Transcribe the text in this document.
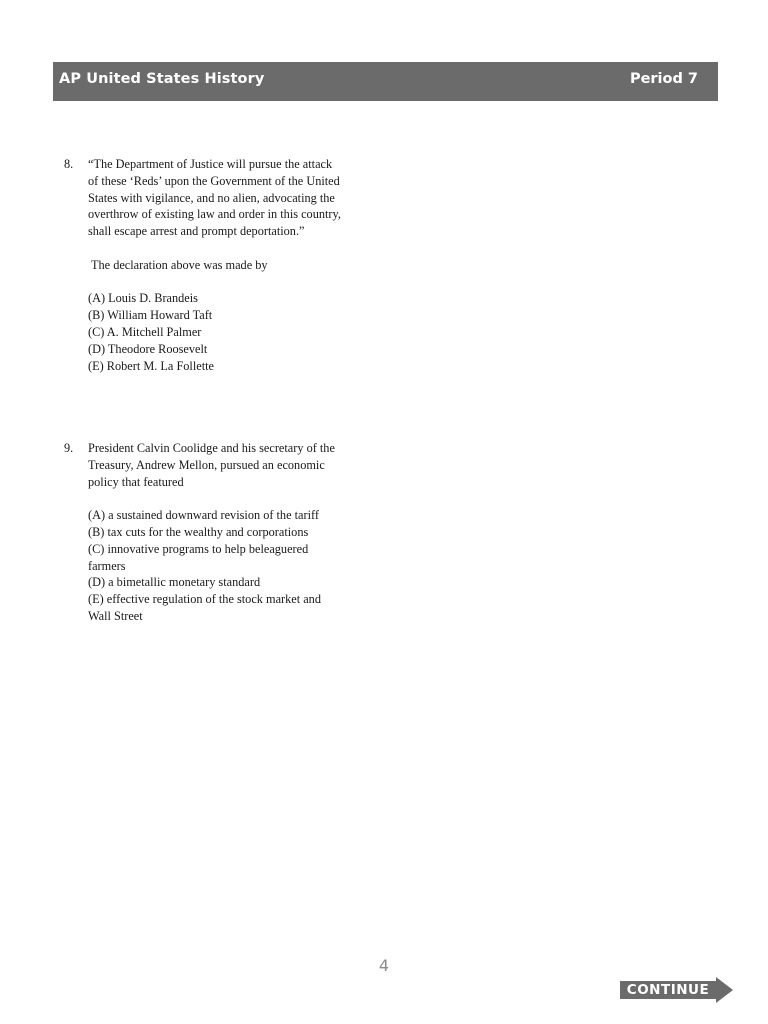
AP United States History	Period 7
8. “The Department of Justice will pursue the attack of these ‘Reds’ upon the Government of the United States with vigilance, and no alien, advocating the overthrow of existing law and order in this country, shall escape arrest and prompt deportation.”

The declaration above was made by

(A) Louis D. Brandeis
(B) William Howard Taft
(C) A. Mitchell Palmer
(D) Theodore Roosevelt
(E) Robert M. La Follette
9. President Calvin Coolidge and his secretary of the Treasury, Andrew Mellon, pursued an economic policy that featured

(A) a sustained downward revision of the tariff
(B) tax cuts for the wealthy and corporations
(C) innovative programs to help beleaguered farmers
(D) a bimetallic monetary standard
(E) effective regulation of the stock market and Wall Street
4
CONTINUE
